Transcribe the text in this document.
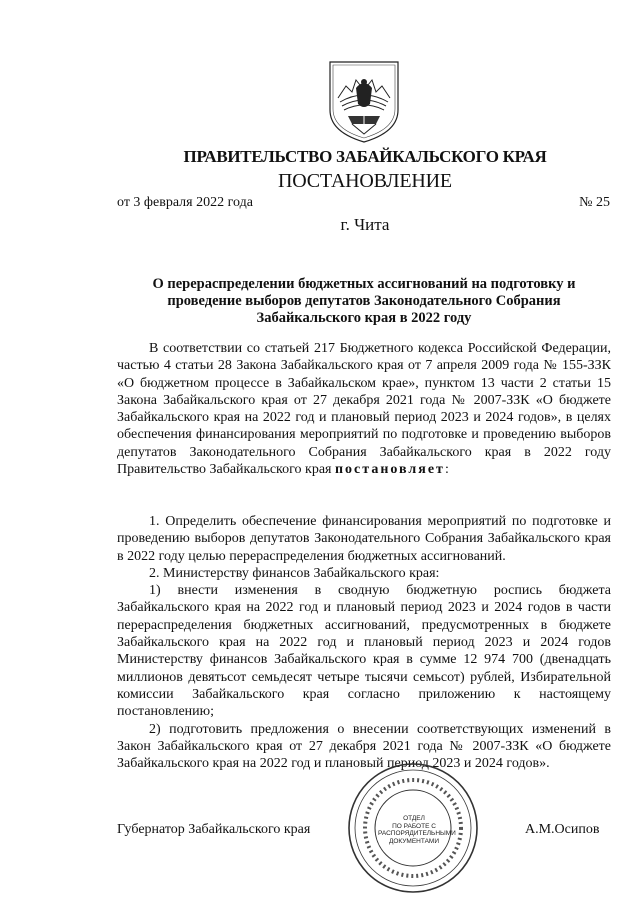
ПРАВИТЕЛЬСТВО ЗАБАЙКАЛЬСКОГО КРАЯ
ПОСТАНОВЛЕНИЕ
от 3 февраля 2022 года	№ 25
г. Чита
О перераспределении бюджетных ассигнований на подготовку и проведение выборов депутатов Законодательного Собрания Забайкальского края в 2022 году

В соответствии со статьей 217 Бюджетного кодекса Российской Федерации, частью 4 статьи 28 Закона Забайкальского края от 7 апреля 2009 года № 155-ЗЗК «О бюджетном процессе в Забайкальском крае», пунктом 13 части 2 статьи 15 Закона Забайкальского края от 27 декабря 2021 года № 2007-ЗЗК «О бюджете Забайкальского края на 2022 год и плановый период 2023 и 2024 годов», в целях обеспечения финансирования мероприятий по подготовке и проведению выборов депутатов Законодательного Собрания Забайкальского края в 2022 году Правительство Забайкальского края постановляет:

1. Определить обеспечение финансирования мероприятий по подготовке и проведению выборов депутатов Законодательного Собрания Забайкальского края в 2022 году целью перераспределения бюджетных ассигнований.

2. Министерству финансов Забайкальского края:

1) внести изменения в сводную бюджетную роспись бюджета Забайкальского края на 2022 год и плановый период 2023 и 2024 годов в части перераспределения бюджетных ассигнований, предусмотренных в бюджете Забайкальского края на 2022 год и плановый период 2023 и 2024 годов Министерству финансов Забайкальского края в сумме 12 974 700 (двенадцать миллионов девятьсот семьдесят четыре тысячи семьсот) рублей, Избирательной комиссии Забайкальского края согласно приложению к настоящему постановлению;

2) подготовить предложения о внесении соответствующих изменений в Закон Забайкальского края от 27 декабря 2021 года № 2007-ЗЗК «О бюджете Забайкальского края на 2022 год и плановый период 2023 и 2024 годов».

Губернатор Забайкальского края	А.М.Осипов
ОТДЕЛ
ПО РАБОТЕ С
РАСПОРЯДИТЕЛЬНЫМИ
ДОКУМЕНТАМИ
